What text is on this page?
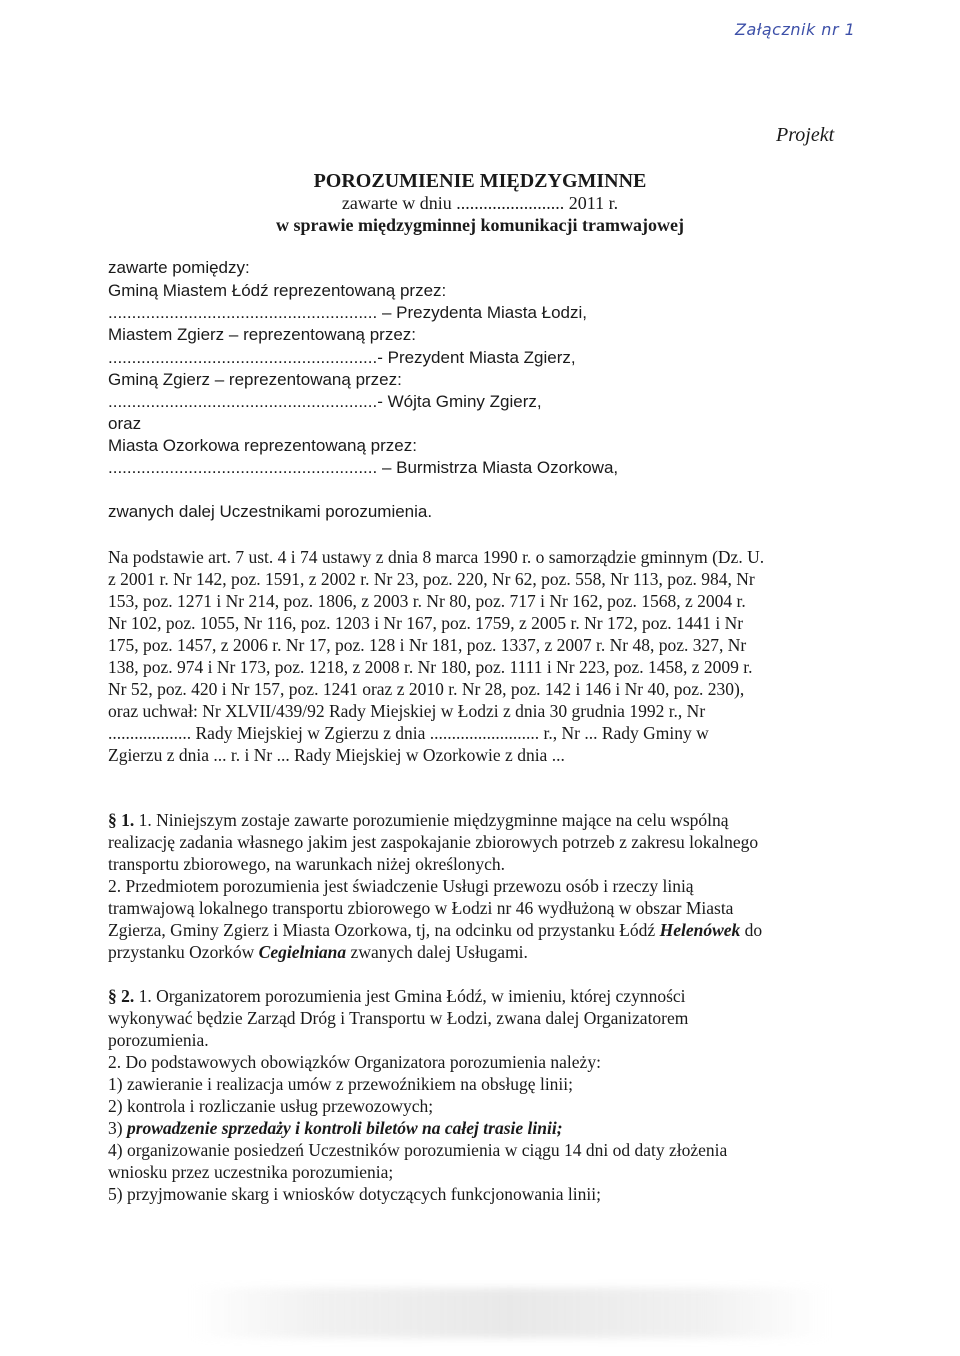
Załącznik nr 1
Projekt
POROZUMIENIE MIĘDZYGMINNE
zawarte w dniu ........................ 2011 r.
w sprawie międzygminnej komunikacji tramwajowej
zawarte pomiędzy:
Gminą Miastem Łódź reprezentowaną przez:
......................................................... – Prezydenta Miasta Łodzi,
Miastem Zgierz – reprezentowaną przez:
.........................................................- Prezydent Miasta Zgierz,
Gminą Zgierz – reprezentowaną przez:
.........................................................- Wójta Gminy Zgierz,
oraz
Miasta Ozorkowa reprezentowaną przez:
......................................................... – Burmistrza Miasta Ozorkowa,
zwanych dalej Uczestnikami porozumienia.
Na podstawie art. 7 ust. 4 i 74 ustawy z dnia 8 marca 1990 r. o samorządzie gminnym (Dz. U.
z 2001 r. Nr 142, poz. 1591, z 2002 r. Nr 23, poz. 220, Nr 62, poz. 558, Nr 113, poz. 984, Nr
153, poz. 1271 i Nr 214, poz. 1806, z 2003 r. Nr 80, poz. 717 i Nr 162, poz. 1568, z 2004 r.
Nr 102, poz. 1055, Nr 116, poz. 1203 i Nr 167, poz. 1759, z 2005 r. Nr 172, poz. 1441 i Nr
175, poz. 1457, z 2006 r. Nr 17, poz. 128 i Nr 181, poz. 1337, z 2007 r. Nr 48, poz. 327, Nr
138, poz. 974 i Nr 173, poz. 1218, z 2008 r. Nr 180, poz. 1111 i Nr 223, poz. 1458, z 2009 r.
Nr 52, poz. 420 i Nr 157, poz. 1241 oraz z 2010 r. Nr 28, poz. 142 i 146 i Nr 40, poz. 230),
oraz uchwał: Nr XLVII/439/92 Rady Miejskiej w Łodzi z dnia 30 grudnia 1992 r., Nr
................... Rady Miejskiej w Zgierzu z dnia ......................... r., Nr ... Rady Gminy w
Zgierzu z dnia ... r. i Nr ... Rady Miejskiej w Ozorkowie z dnia ...
§ 1. 1. Niniejszym zostaje zawarte porozumienie międzygminne mające na celu wspólną
realizację zadania własnego jakim jest zaspokajanie zbiorowych potrzeb z zakresu lokalnego
transportu zbiorowego, na warunkach niżej określonych.
2. Przedmiotem porozumienia jest świadczenie Usługi przewozu osób i rzeczy linią
tramwajową lokalnego transportu zbiorowego w Łodzi nr 46 wydłużoną w obszar Miasta
Zgierza, Gminy Zgierz i Miasta Ozorkowa, tj, na odcinku od przystanku Łódź Helenówek do
przystanku Ozorków Cegielniana zwanych dalej Usługami.
§ 2. 1. Organizatorem porozumienia jest Gmina Łódź, w imieniu, której czynności
wykonywać będzie Zarząd Dróg i Transportu w Łodzi, zwana dalej Organizatorem
porozumienia.
2. Do podstawowych obowiązków Organizatora porozumienia należy:
1) zawieranie i realizacja umów z przewoźnikiem na obsługę linii;
2) kontrola i rozliczanie usług przewozowych;
3) prowadzenie sprzedaży i kontroli biletów na całej trasie linii;
4) organizowanie posiedzeń Uczestników porozumienia w ciągu 14 dni od daty złożenia
wniosku przez uczestnika porozumienia;
5) przyjmowanie skarg i wniosków dotyczących funkcjonowania linii;
